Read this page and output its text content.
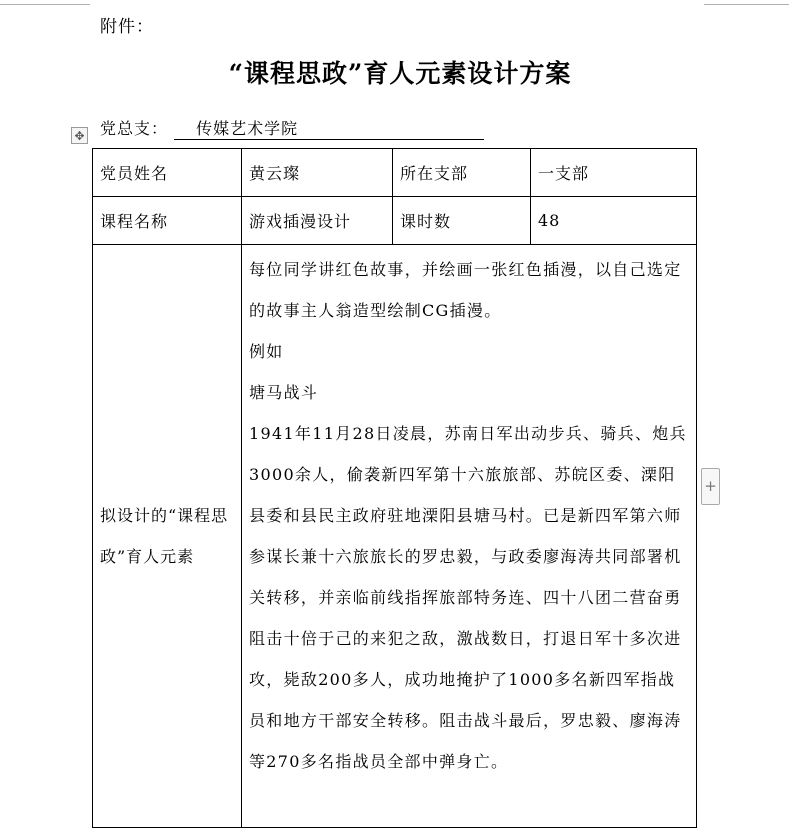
附件：
“课程思政”育人元素设计方案
党总支： 传媒艺术学院
✥
党员姓名	黄云璨	所在支部	一支部
课程名称	游戏插漫设计	课时数	48
拟设计的“课程思政”育人元素	每位同学讲红色故事，并绘画一张红色插漫，以自己选定的故事主人翁造型绘制CG插漫。

例如

塘马战斗

1941年11月28日凌晨，苏南日军出动步兵、骑兵、炮兵3000余人，偷袭新四军第十六旅旅部、苏皖区委、溧阳县委和县民主政府驻地溧阳县塘马村。已是新四军第六师参谋长兼十六旅旅长的罗忠毅，与政委廖海涛共同部署机关转移，并亲临前线指挥旅部特务连、四十八团二营奋勇阻击十倍于己的来犯之敌，激战数日，打退日军十多次进攻，毙敌200多人，成功地掩护了1000多名新四军指战员和地方干部安全转移。阻击战斗最后，罗忠毅、廖海涛等270多名指战员全部中弹身亡。		

+
